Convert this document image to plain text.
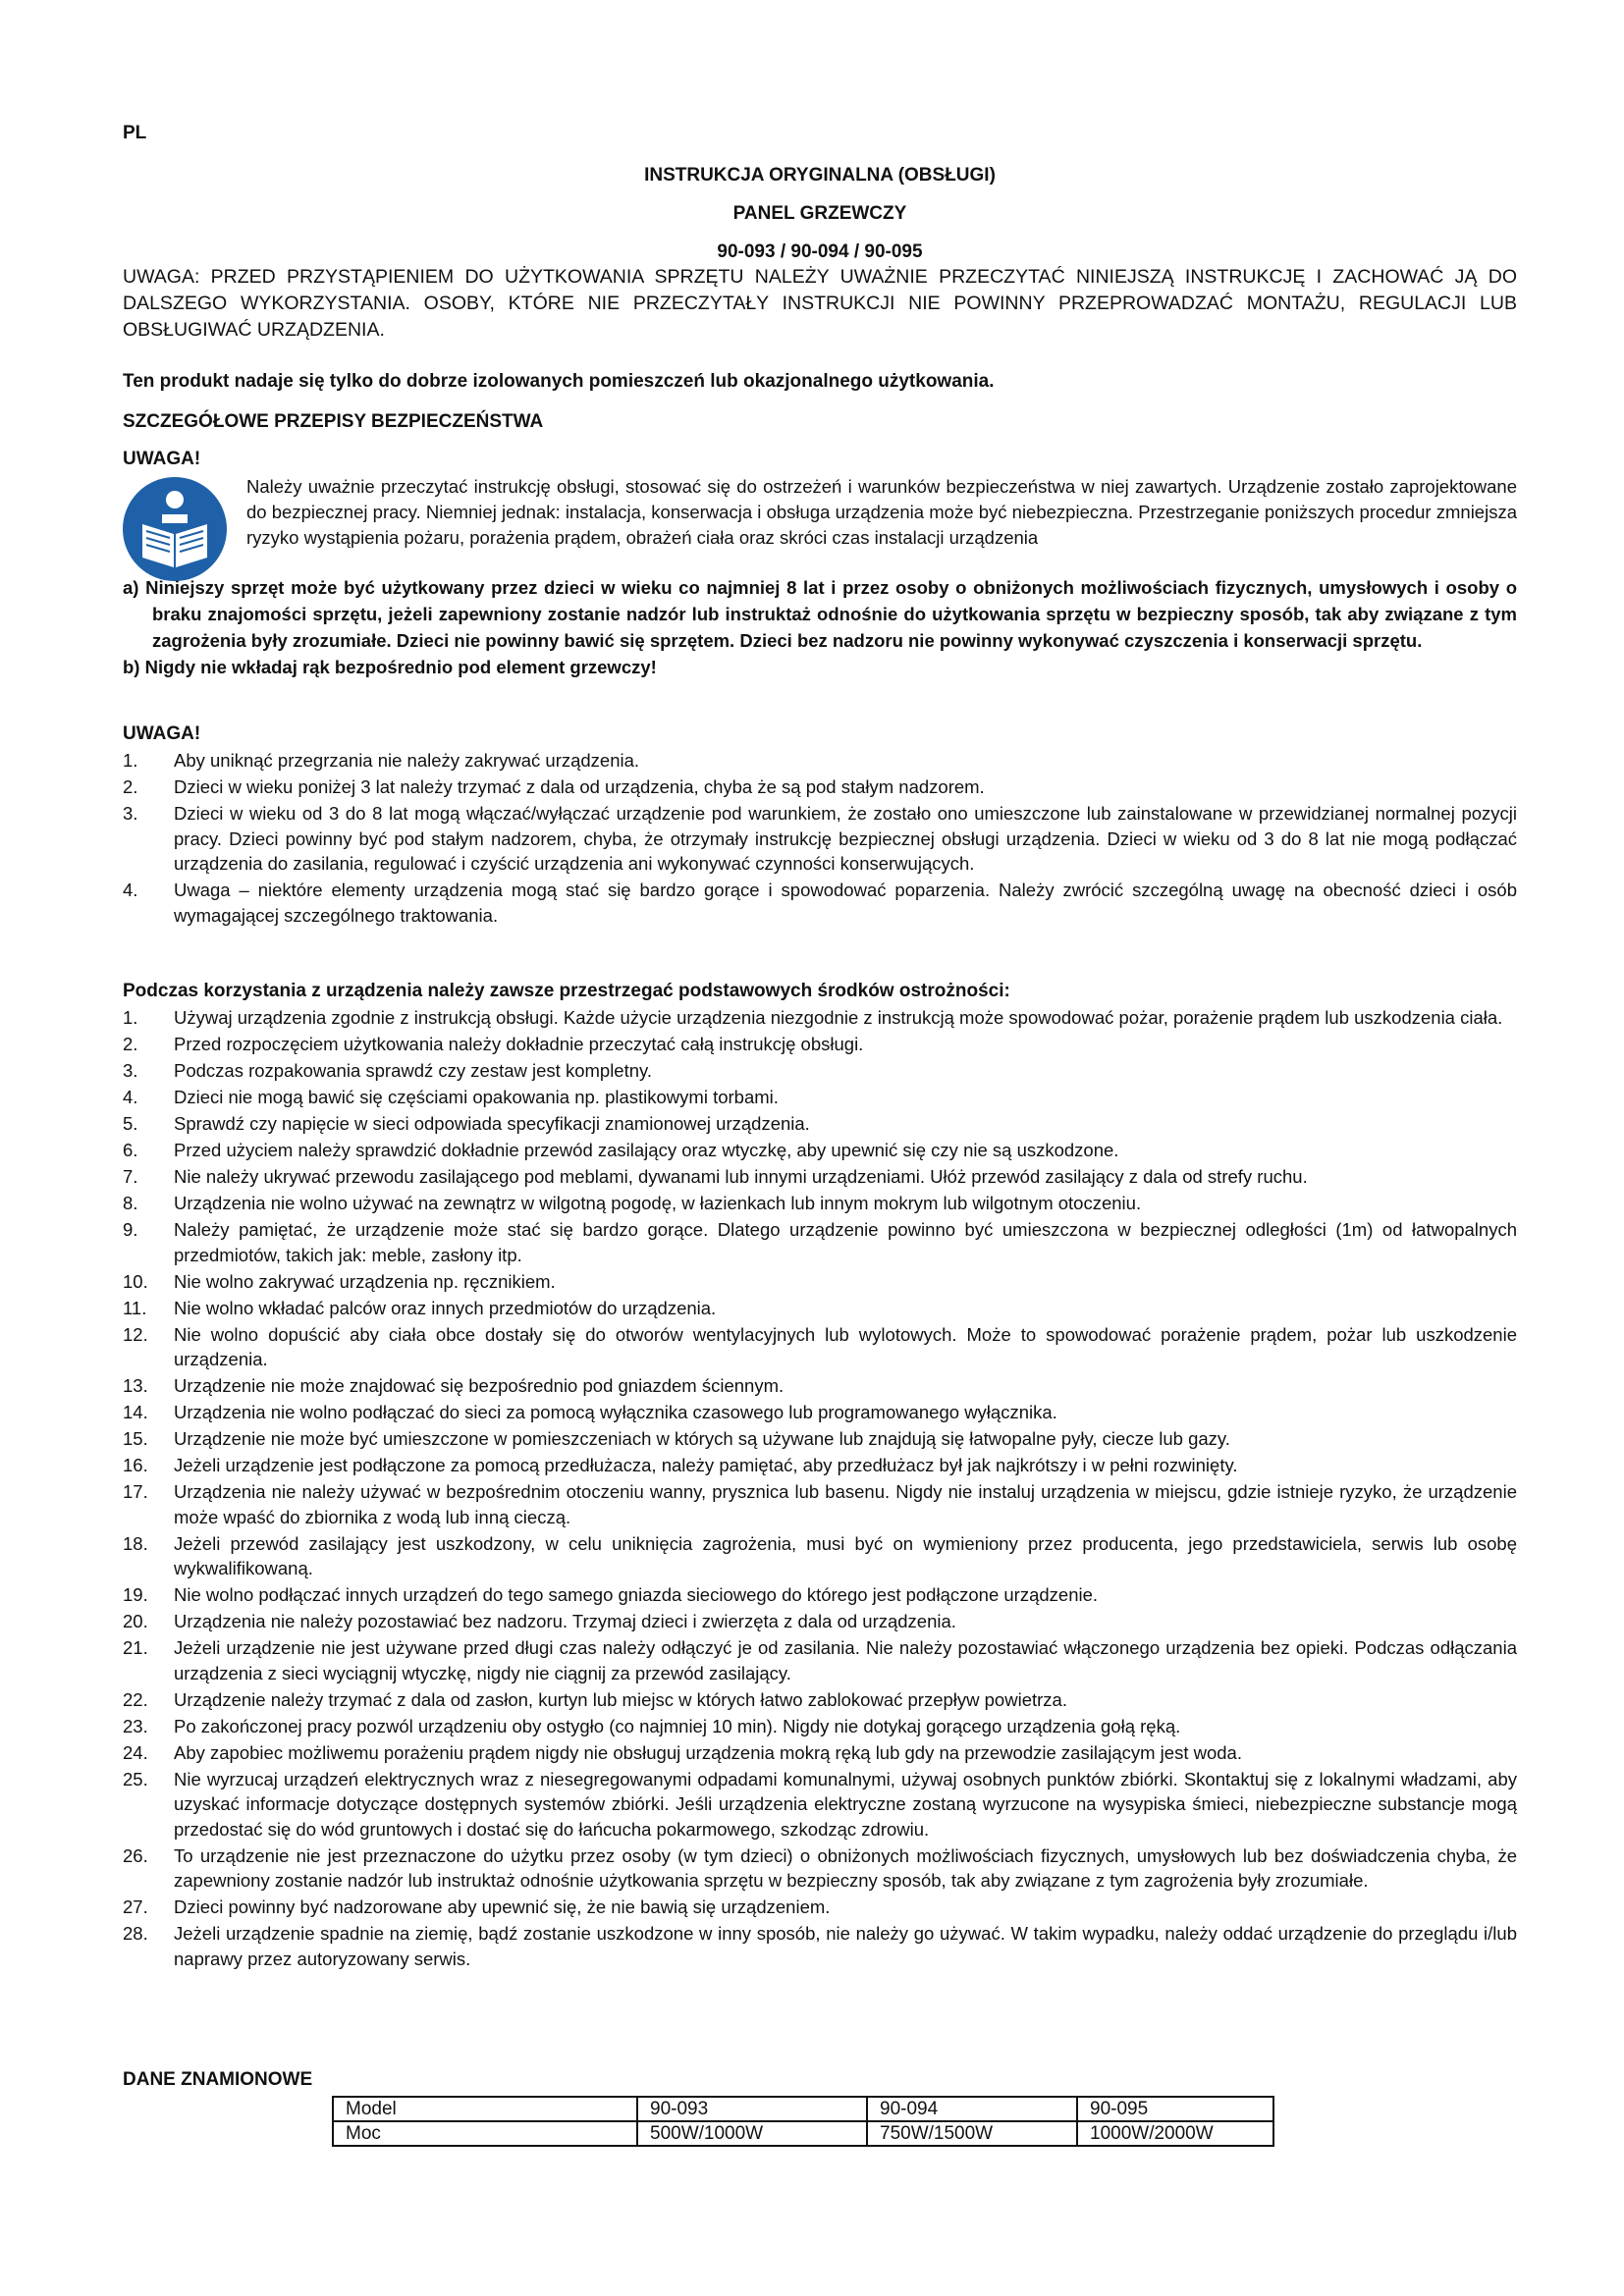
PL
INSTRUKCJA ORYGINALNA (OBSŁUGI)
PANEL GRZEWCZY
90-093 / 90-094 / 90-095
UWAGA: PRZED PRZYSTĄPIENIEM DO UŻYTKOWANIA SPRZĘTU NALEŻY UWAŻNIE PRZECZYTAĆ NINIEJSZĄ INSTRUKCJĘ I ZACHOWAĆ JĄ DO DALSZEGO WYKORZYSTANIA. OSOBY, KTÓRE NIE PRZECZYTAŁY INSTRUKCJI NIE POWINNY PRZEPROWADZAĆ MONTAŻU, REGULACJI LUB OBSŁUGIWAĆ URZĄDZENIA.
Ten produkt nadaje się tylko do dobrze izolowanych pomieszczeń lub okazjonalnego użytkowania.
SZCZEGÓŁOWE PRZEPISY BEZPIECZEŃSTWA
UWAGA!
Należy uważnie przeczytać instrukcję obsługi, stosować się do ostrzeżeń i warunków bezpieczeństwa w niej zawartych. Urządzenie zostało zaprojektowane do bezpiecznej pracy. Niemniej jednak: instalacja, konserwacja i obsługa urządzenia może być niebezpieczna. Przestrzeganie poniższych procedur zmniejsza ryzyko wystąpienia pożaru, porażenia prądem, obrażeń ciała oraz skróci czas instalacji urządzenia
a) Niniejszy sprzęt może być użytkowany przez dzieci w wieku co najmniej 8 lat i przez osoby o obniżonych możliwościach fizycznych, umysłowych i osoby o braku znajomości sprzętu, jeżeli zapewniony zostanie nadzór lub instruktaż odnośnie do użytkowania sprzętu w bezpieczny sposób, tak aby związane z tym zagrożenia były zrozumiałe. Dzieci nie powinny bawić się sprzętem. Dzieci bez nadzoru nie powinny wykonywać czyszczenia i konserwacji sprzętu.
b) Nigdy nie wkładaj rąk bezpośrednio pod element grzewczy!
UWAGA!
1.	Aby uniknąć przegrzania nie należy zakrywać urządzenia.
2.	Dzieci w wieku poniżej 3 lat należy trzymać z dala od urządzenia, chyba że są pod stałym nadzorem.
3.	Dzieci w wieku od 3 do 8 lat mogą włączać/wyłączać urządzenie pod warunkiem, że zostało ono umieszczone lub zainstalowane w przewidzianej normalnej pozycji pracy. Dzieci powinny być pod stałym nadzorem, chyba, że otrzymały instrukcję bezpiecznej obsługi urządzenia. Dzieci w wieku od 3 do 8 lat nie mogą podłączać urządzenia do zasilania, regulować i czyścić urządzenia ani wykonywać czynności konserwujących.
4.	Uwaga – niektóre elementy urządzenia mogą stać się bardzo gorące i spowodować poparzenia. Należy zwrócić szczególną uwagę na obecność dzieci i osób wymagającej szczególnego traktowania.
Podczas korzystania z urządzenia należy zawsze przestrzegać podstawowych środków ostrożności:
1.	Używaj urządzenia zgodnie z instrukcją obsługi. Każde użycie urządzenia niezgodnie z instrukcją może spowodować pożar, porażenie prądem lub uszkodzenia ciała.
2.	Przed rozpoczęciem użytkowania należy dokładnie przeczytać całą instrukcję obsługi.
3.	Podczas rozpakowania sprawdź czy zestaw jest kompletny.
4.	Dzieci nie mogą bawić się częściami opakowania np. plastikowymi torbami.
5.	Sprawdź czy napięcie w sieci odpowiada specyfikacji znamionowej urządzenia.
6.	Przed użyciem należy sprawdzić dokładnie przewód zasilający oraz wtyczkę, aby upewnić się czy nie są uszkodzone.
7.	Nie należy ukrywać przewodu zasilającego pod meblami, dywanami lub innymi urządzeniami. Ułóż przewód zasilający z dala od strefy ruchu.
8.	Urządzenia nie wolno używać na zewnątrz w wilgotną pogodę, w łazienkach lub innym mokrym lub wilgotnym otoczeniu.
9.	Należy pamiętać, że urządzenie może stać się bardzo gorące. Dlatego urządzenie powinno być umieszczona w bezpiecznej odległości (1m) od łatwopalnych przedmiotów, takich jak: meble, zasłony itp.
10.	Nie wolno zakrywać urządzenia np. ręcznikiem.
11.	Nie wolno wkładać palców oraz innych przedmiotów do urządzenia.
12.	Nie wolno dopuścić aby ciała obce dostały się do otworów wentylacyjnych lub wylotowych. Może to spowodować porażenie prądem, pożar lub uszkodzenie urządzenia.
13.	Urządzenie nie może znajdować się bezpośrednio pod gniazdem ściennym.
14.	Urządzenia nie wolno podłączać do sieci za pomocą wyłącznika czasowego lub programowanego wyłącznika.
15.	Urządzenie nie może być umieszczone w pomieszczeniach w których są używane lub znajdują się łatwopalne pyły, ciecze lub gazy.
16.	Jeżeli urządzenie jest podłączone za pomocą przedłużacza, należy pamiętać, aby przedłużacz był jak najkrótszy i w pełni rozwinięty.
17.	Urządzenia nie należy używać w bezpośrednim otoczeniu wanny, prysznica lub basenu. Nigdy nie instaluj urządzenia w miejscu, gdzie istnieje ryzyko, że urządzenie może wpaść do zbiornika z wodą lub inną cieczą.
18.	Jeżeli przewód zasilający jest uszkodzony, w celu uniknięcia zagrożenia, musi być on wymieniony przez producenta, jego przedstawiciela, serwis lub osobę wykwalifikowaną.
19.	Nie wolno podłączać innych urządzeń do tego samego gniazda sieciowego do którego jest podłączone urządzenie.
20.	Urządzenia nie należy pozostawiać bez nadzoru. Trzymaj dzieci i zwierzęta z dala od urządzenia.
21.	Jeżeli urządzenie nie jest używane przed długi czas należy odłączyć je od zasilania. Nie należy pozostawiać włączonego urządzenia bez opieki. Podczas odłączania urządzenia z sieci wyciągnij wtyczkę, nigdy nie ciągnij za przewód zasilający.
22.	Urządzenie należy trzymać z dala od zasłon, kurtyn lub miejsc w których łatwo zablokować przepływ powietrza.
23.	Po zakończonej pracy pozwól urządzeniu oby ostygło (co najmniej 10 min). Nigdy nie dotykaj gorącego urządzenia gołą ręką.
24.	Aby zapobiec możliwemu porażeniu prądem nigdy nie obsługuj urządzenia mokrą ręką lub gdy na przewodzie zasilającym jest woda.
25.	Nie wyrzucaj urządzeń elektrycznych wraz z niesegregowanymi odpadami komunalnymi, używaj osobnych punktów zbiórki. Skontaktuj się z lokalnymi władzami, aby uzyskać informacje dotyczące dostępnych systemów zbiórki. Jeśli urządzenia elektryczne zostaną wyrzucone na wysypiska śmieci, niebezpieczne substancje mogą przedostać się do wód gruntowych i dostać się do łańcucha pokarmowego, szkodząc zdrowiu.
26.	To urządzenie nie jest przeznaczone do użytku przez osoby (w tym dzieci) o obniżonych możliwościach fizycznych, umysłowych lub bez doświadczenia chyba, że zapewniony zostanie nadzór lub instruktaż odnośnie użytkowania sprzętu w bezpieczny sposób, tak aby związane z tym zagrożenia były zrozumiałe.
27.	Dzieci powinny być nadzorowane aby upewnić się, że nie bawią się urządzeniem.
28.	Jeżeli urządzenie spadnie na ziemię, bądź zostanie uszkodzone w inny sposób, nie należy go używać. W takim wypadku, należy oddać urządzenie do przeglądu i/lub naprawy przez autoryzowany serwis.
DANE ZNAMIONOWE
Model	90-093	90-094	90-095
Moc	500W/1000W	750W/1500W	1000W/2000W
